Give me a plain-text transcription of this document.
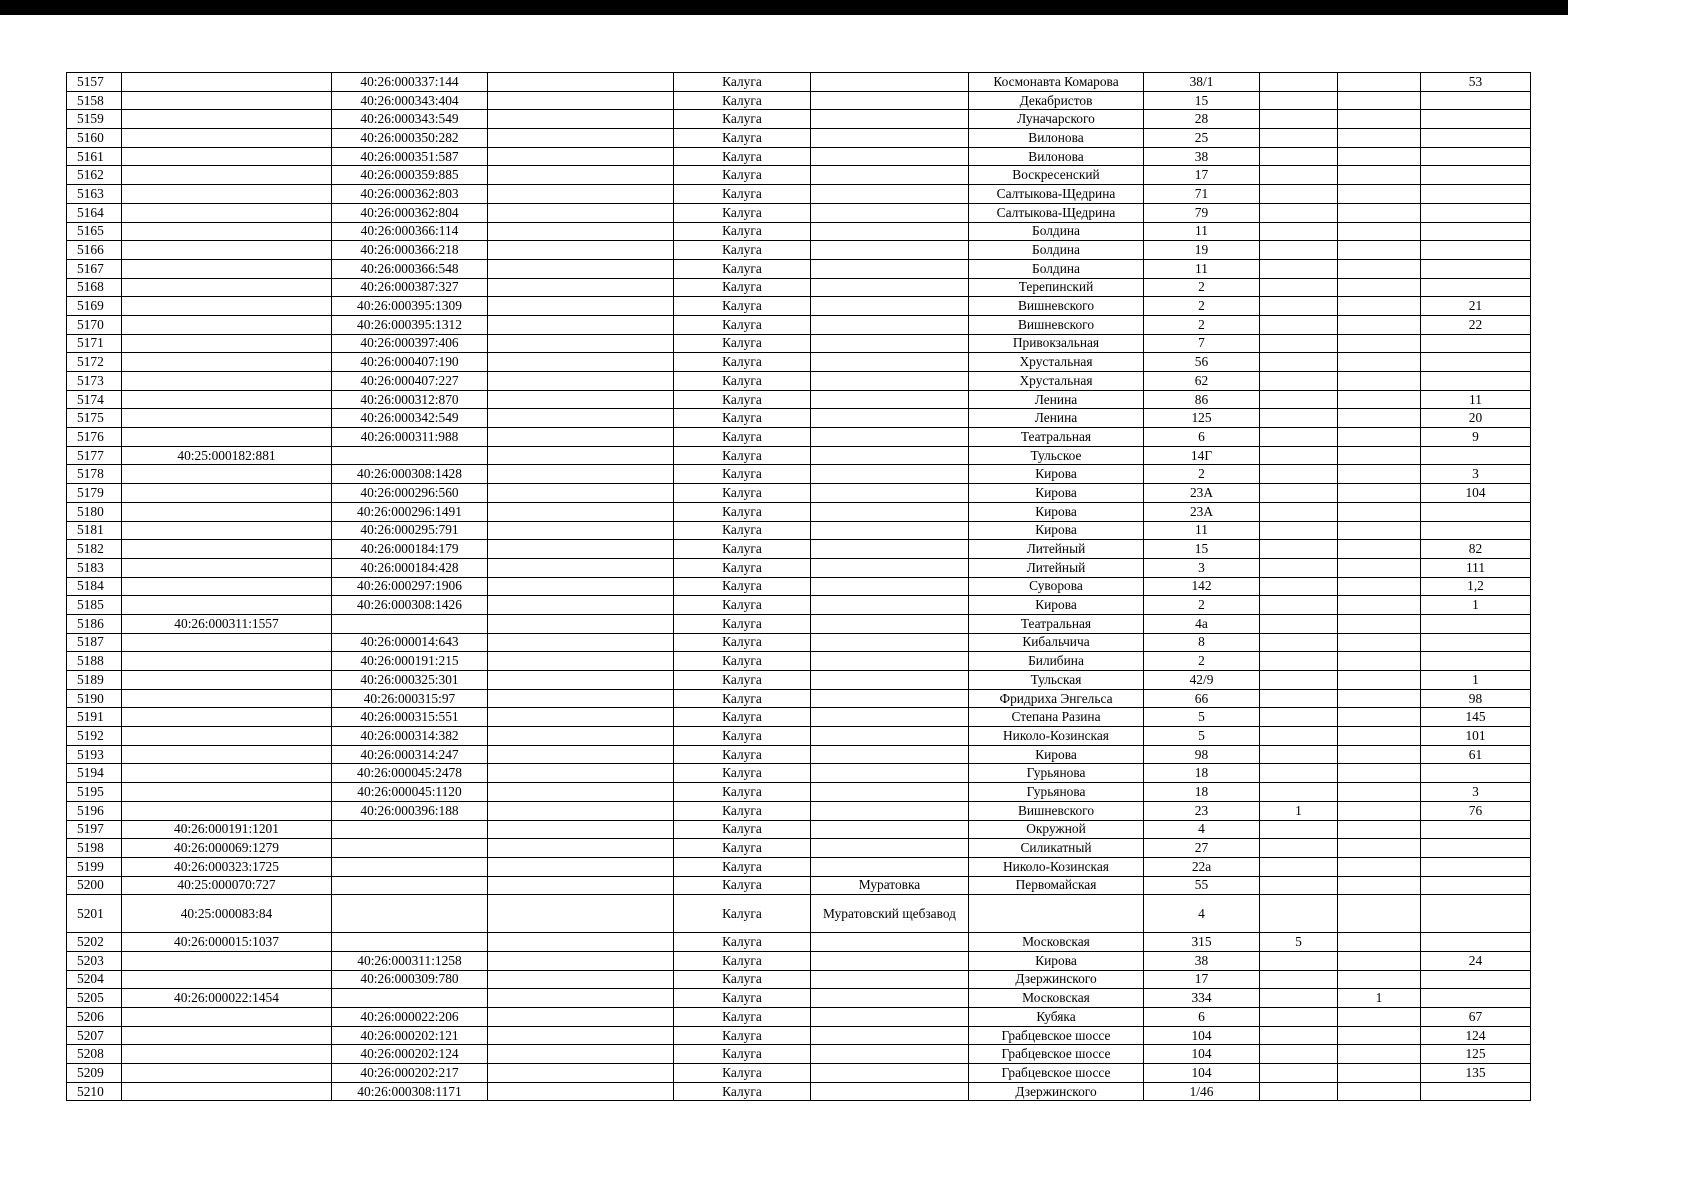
5157		40:26:000337:144		Калуга		Космонавта Комарова	38/1			53
5158		40:26:000343:404		Калуга		Декабристов	15			
5159		40:26:000343:549		Калуга		Луначарского	28			
5160		40:26:000350:282		Калуга		Вилонова	25			
5161		40:26:000351:587		Калуга		Вилонова	38			
5162		40:26:000359:885		Калуга		Воскресенский	17			
5163		40:26:000362:803		Калуга		Салтыкова-Щедрина	71			
5164		40:26:000362:804		Калуга		Салтыкова-Щедрина	79			
5165		40:26:000366:114		Калуга		Болдина	11			
5166		40:26:000366:218		Калуга		Болдина	19			
5167		40:26:000366:548		Калуга		Болдина	11			
5168		40:26:000387:327		Калуга		Терепинский	2			
5169		40:26:000395:1309		Калуга		Вишневского	2			21
5170		40:26:000395:1312		Калуга		Вишневского	2			22
5171		40:26:000397:406		Калуга		Привокзальная	7			
5172		40:26:000407:190		Калуга		Хрустальная	56			
5173		40:26:000407:227		Калуга		Хрустальная	62			
5174		40:26:000312:870		Калуга		Ленина	86			11
5175		40:26:000342:549		Калуга		Ленина	125			20
5176		40:26:000311:988		Калуга		Театральная	6			9
5177	40:25:000182:881			Калуга		Тульское	14Г			
5178		40:26:000308:1428		Калуга		Кирова	2			3
5179		40:26:000296:560		Калуга		Кирова	23А			104
5180		40:26:000296:1491		Калуга		Кирова	23А			
5181		40:26:000295:791		Калуга		Кирова	11			
5182		40:26:000184:179		Калуга		Литейный	15			82
5183		40:26:000184:428		Калуга		Литейный	3			111
5184		40:26:000297:1906		Калуга		Суворова	142			1,2
5185		40:26:000308:1426		Калуга		Кирова	2			1
5186	40:26:000311:1557			Калуга		Театральная	4а			
5187		40:26:000014:643		Калуга		Кибальчича	8			
5188		40:26:000191:215		Калуга		Билибина	2			
5189		40:26:000325:301		Калуга		Тульская	42/9			1
5190		40:26:000315:97		Калуга		Фридриха Энгельса	66			98
5191		40:26:000315:551		Калуга		Степана Разина	5			145
5192		40:26:000314:382		Калуга		Николо-Козинская	5			101
5193		40:26:000314:247		Калуга		Кирова	98			61
5194		40:26:000045:2478		Калуга		Гурьянова	18			
5195		40:26:000045:1120		Калуга		Гурьянова	18			3
5196		40:26:000396:188		Калуга		Вишневского	23	1		76
5197	40:26:000191:1201			Калуга		Окружной	4			
5198	40:26:000069:1279			Калуга		Силикатный	27			
5199	40:26:000323:1725			Калуга		Николо-Козинская	22а			
5200	40:25:000070:727			Калуга	Муратовка	Первомайская	55			
5201	40:25:000083:84			Калуга	Муратовский щебзавод		4			
5202	40:26:000015:1037			Калуга		Московская	315	5		
5203		40:26:000311:1258		Калуга		Кирова	38			24
5204		40:26:000309:780		Калуга		Дзержинского	17			
5205	40:26:000022:1454			Калуга		Московская	334		1	
5206		40:26:000022:206		Калуга		Кубяка	6			67
5207		40:26:000202:121		Калуга		Грабцевское шоссе	104			124
5208		40:26:000202:124		Калуга		Грабцевское шоссе	104			125
5209		40:26:000202:217		Калуга		Грабцевское шоссе	104			135
5210		40:26:000308:1171		Калуга		Дзержинского	1/46			
